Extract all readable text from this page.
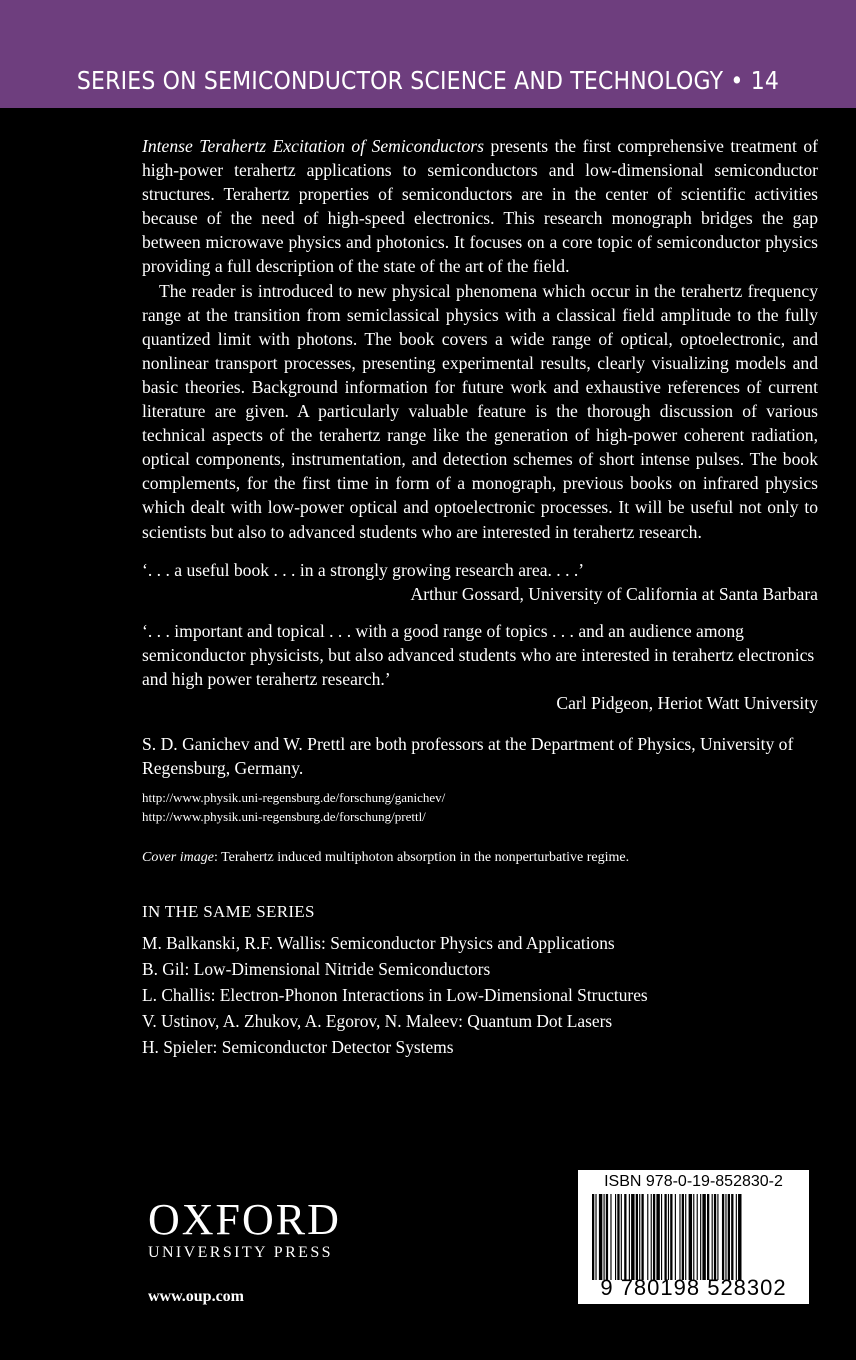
SERIES ON SEMICONDUCTOR SCIENCE AND TECHNOLOGY • 14

Intense Terahertz Excitation of Semiconductors presents the first comprehensive treatment of high-power terahertz applications to semiconductors and low-dimensional semiconductor structures. Terahertz properties of semiconductors are in the center of scientific activities because of the need of high-speed electronics. This research monograph bridges the gap between microwave physics and photonics. It focuses on a core topic of semiconductor physics providing a full description of the state of the art of the field.

The reader is introduced to new physical phenomena which occur in the terahertz frequency range at the transition from semiclassical physics with a classical field amplitude to the fully quantized limit with photons. The book covers a wide range of optical, optoelectronic, and nonlinear transport processes, presenting experimental results, clearly visualizing models and basic theories. Background information for future work and exhaustive references of current literature are given. A particularly valuable feature is the thorough discussion of various technical aspects of the terahertz range like the generation of high-power coherent radiation, optical components, instrumentation, and detection schemes of short intense pulses. The book complements, for the first time in form of a monograph, previous books on infrared physics which dealt with low-power optical and optoelectronic processes. It will be useful not only to scientists but also to advanced students who are interested in terahertz research.

‘. . . a useful book . . . in a strongly growing research area. . . .’

Arthur Gossard, University of California at Santa Barbara

‘. . . important and topical . . . with a good range of topics . . . and an audience among semiconductor physicists, but also advanced students who are interested in terahertz electronics and high power terahertz research.’

Carl Pidgeon, Heriot Watt University

S. D. Ganichev and W. Prettl are both professors at the Department of Physics, University of Regensburg, Germany.

http://www.physik.uni-regensburg.de/forschung/ganichev/

http://www.physik.uni-regensburg.de/forschung/prettl/

Cover image: Terahertz induced multiphoton absorption in the nonperturbative regime.
IN THE SAME SERIES
M. Balkanski, R.F. Wallis: Semiconductor Physics and Applications
B. Gil: Low-Dimensional Nitride Semiconductors
L. Challis: Electron-Phonon Interactions in Low-Dimensional Structures
V. Ustinov, A. Zhukov, A. Egorov, N. Maleev: Quantum Dot Lasers
H. Spieler: Semiconductor Detector Systems
OXFORD
UNIVERSITY PRESS
www.oup.com
ISBN 978-0-19-852830-2
9 780198 528302
